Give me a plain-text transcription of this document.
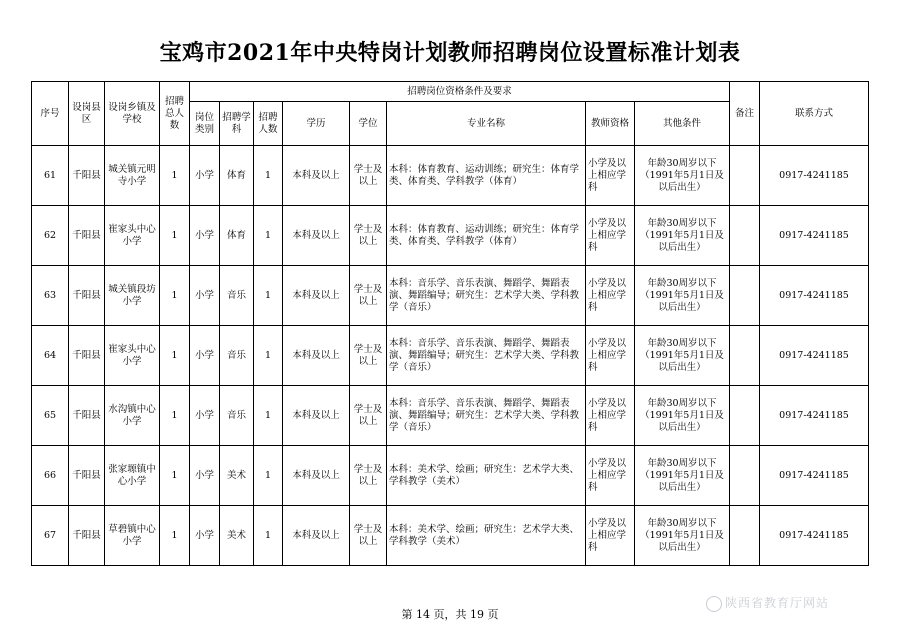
宝鸡市2021年中央特岗计划教师招聘岗位设置标准计划表
序号	设岗县区	设岗乡镇及学校	招聘总人数	招聘岗位资格条件及要求								备注	联系方式
				岗位类别	招聘学科	招聘人数	学历	学位	专业名称	教师资格	其他条件		
61	千阳县	城关镇元明寺小学	1	小学	体育	1	本科及以上	学士及以上	本科：体育教育、运动训练；研究生：体育学类、体育类、学科教学（体育）	小学及以上相应学科	年龄30周岁以下（1991年5月1日及以后出生）		0917-4241185
62	千阳县	崔家头中心小学	1	小学	体育	1	本科及以上	学士及以上	本科：体育教育、运动训练；研究生：体育学类、体育类、学科教学（体育）	小学及以上相应学科	年龄30周岁以下（1991年5月1日及以后出生）		0917-4241185
63	千阳县	城关镇段坊小学	1	小学	音乐	1	本科及以上	学士及以上	本科：音乐学、音乐表演、舞蹈学、舞蹈表演、舞蹈编导；研究生：艺术学大类、学科教学（音乐）	小学及以上相应学科	年龄30周岁以下（1991年5月1日及以后出生）		0917-4241185
64	千阳县	崔家头中心小学	1	小学	音乐	1	本科及以上	学士及以上	本科：音乐学、音乐表演、舞蹈学、舞蹈表演、舞蹈编导；研究生：艺术学大类、学科教学（音乐）	小学及以上相应学科	年龄30周岁以下（1991年5月1日及以后出生）		0917-4241185
65	千阳县	水沟镇中心小学	1	小学	音乐	1	本科及以上	学士及以上	本科：音乐学、音乐表演、舞蹈学、舞蹈表演、舞蹈编导；研究生：艺术学大类、学科教学（音乐）	小学及以上相应学科	年龄30周岁以下（1991年5月1日及以后出生）		0917-4241185
66	千阳县	张家塬镇中心小学	1	小学	美术	1	本科及以上	学士及以上	本科：美术学、绘画；研究生：艺术学大类、学科教学（美术）	小学及以上相应学科	年龄30周岁以下（1991年5月1日及以后出生）		0917-4241185
67	千阳县	草碧镇中心小学	1	小学	美术	1	本科及以上	学士及以上	本科：美术学、绘画；研究生：艺术学大类、学科教学（美术）	小学及以上相应学科	年龄30周岁以下（1991年5月1日及以后出生）		0917-4241185
第 14 页，共 19 页
陕西省教育厅网站
